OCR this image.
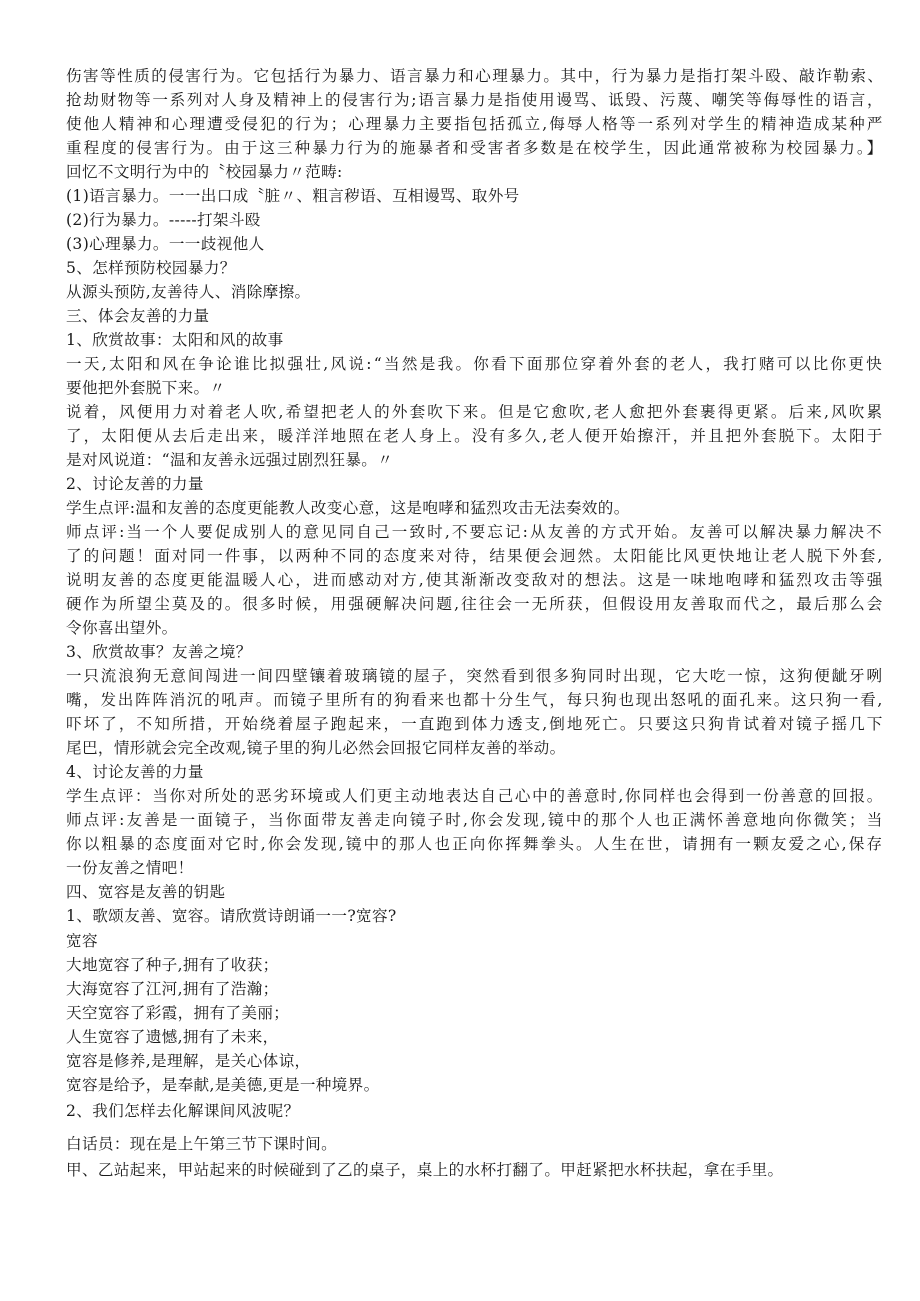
伤害等性质的侵害行为。它包括行为暴力、语言暴力和心理暴力。其中，行为暴力是指打架斗殴、敲诈勒索、
抢劫财物等一系列对人身及精神上的侵害行为;语言暴力是指使用谩骂、诋毁、污蔑、嘲笑等侮辱性的语言，
使他人精神和心理遭受侵犯的行为；心理暴力主要指包括孤立,侮辱人格等一系列对学生的精神造成某种严
重程度的侵害行为。由于这三种暴力行为的施暴者和受害者多数是在校学生，因此通常被称为校园暴力。】
回忆不文明行为中的〝校园暴力〃范畴:
(1)语言暴力。一一出口成〝脏〃、粗言秽语、互相谩骂、取外号
(2)行为暴力。-----打架斗殴
(3)心理暴力。一一歧视他人
5、怎样预防校园暴力？
从源头预防,友善待人、消除摩擦。
三、体会友善的力量
1、欣赏故事：太阳和风的故事
一天,太阳和风在争论谁比拟强壮,风说:“当然是我。你看下面那位穿着外套的老人，我打赌可以比你更快
要他把外套脱下来。〃
说着，风便用力对着老人吹,希望把老人的外套吹下来。但是它愈吹,老人愈把外套裹得更紧。后来,风吹累
了，太阳便从去后走出来，暖洋洋地照在老人身上。没有多久,老人便开始擦汗，并且把外套脱下。太阳于
是对风说道：“温和友善永远强过剧烈狂暴。〃
2、讨论友善的力量
学生点评:温和友善的态度更能教人改变心意，这是咆哮和猛烈攻击无法奏效的。
师点评:当一个人要促成别人的意见同自己一致时,不要忘记:从友善的方式开始。友善可以解决暴力解决不
了的问题！面对同一件事，以两种不同的态度来对待，结果便会迥然。太阳能比风更快地让老人脱下外套,
说明友善的态度更能温暖人心，进而感动对方,使其渐渐改变敌对的想法。这是一味地咆哮和猛烈攻击等强
硬作为所望尘莫及的。很多时候，用强硬解决问题,往往会一无所获，但假设用友善取而代之，最后那么会
令你喜出望外。
3、欣赏故事？友善之境？
一只流浪狗无意间闯进一间四壁镶着玻璃镜的屋子，突然看到很多狗同时出现，它大吃一惊，这狗便龇牙咧
嘴，发出阵阵消沉的吼声。而镜子里所有的狗看来也都十分生气，每只狗也现出怒吼的面孔来。这只狗一看,
吓坏了，不知所措，开始绕着屋子跑起来，一直跑到体力透支,倒地死亡。只要这只狗肯试着对镜子摇几下
尾巴，情形就会完全改观,镜子里的狗儿必然会回报它同样友善的举动。
4、讨论友善的力量
学生点评：当你对所处的恶劣环境或人们更主动地表达自己心中的善意时,你同样也会得到一份善意的回报。
师点评:友善是一面镜子，当你面带友善走向镜子时,你会发现,镜中的那个人也正满怀善意地向你微笑；当
你以粗暴的态度面对它时,你会发现,镜中的那人也正向你挥舞拳头。人生在世，请拥有一颗友爱之心,保存
一份友善之情吧！
四、宽容是友善的钥匙
1、歌颂友善、宽容。请欣赏诗朗诵一一?宽容?
宽容
大地宽容了种子,拥有了收获；
大海宽容了江河,拥有了浩瀚；
天空宽容了彩霞，拥有了美丽；
人生宽容了遗憾,拥有了未来，
宽容是修养,是理解，是关心体谅，
宽容是给予，是奉献,是美德,更是一种境界。
2、我们怎样去化解课间风波呢？
白话员：现在是上午第三节下课时间。
甲、乙站起来，甲站起来的时候碰到了乙的桌子，桌上的水杯打翻了。甲赶紧把水杯扶起，拿在手里。
